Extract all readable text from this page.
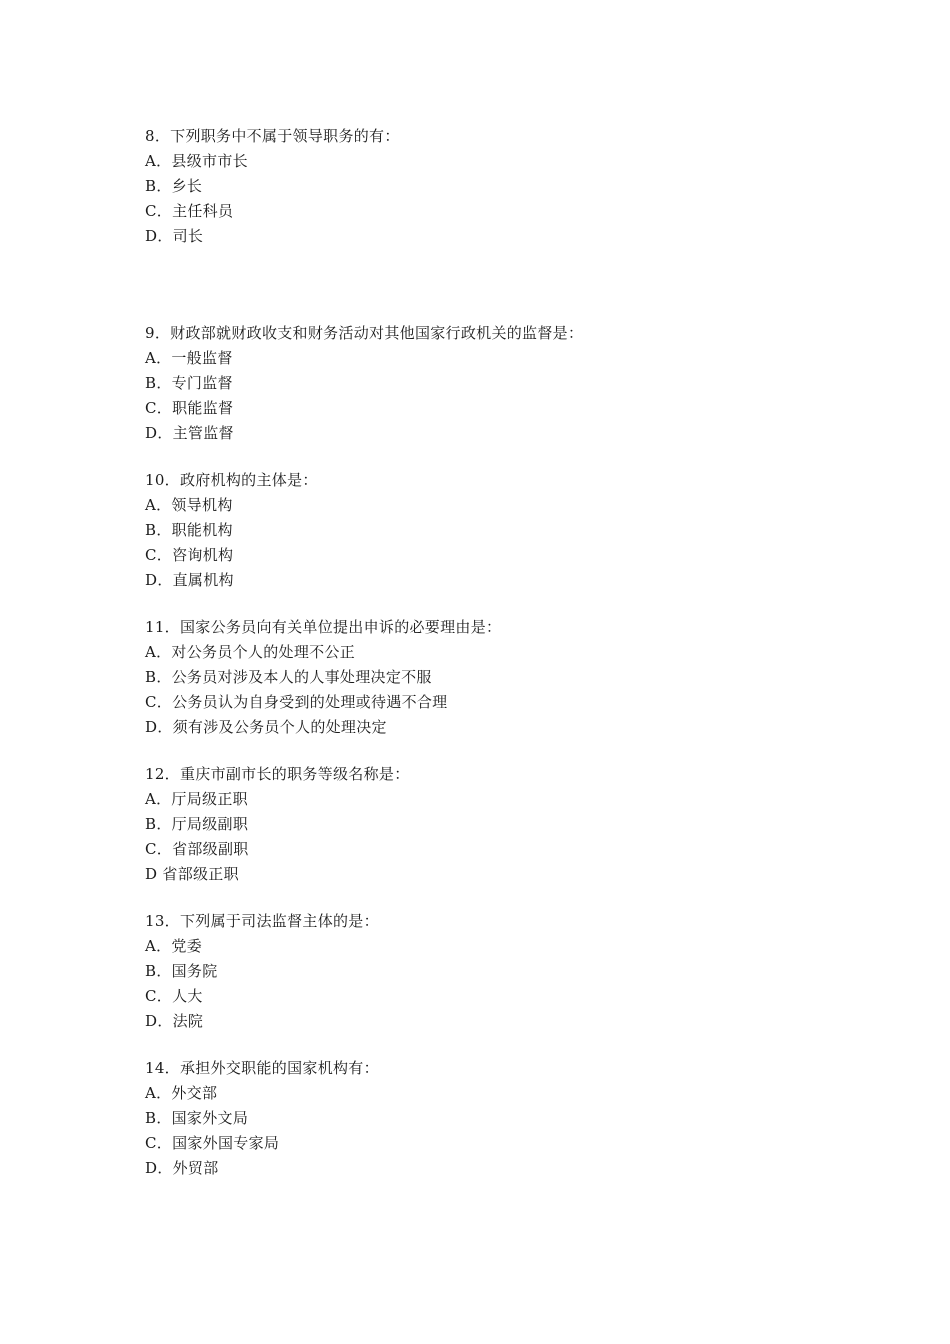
8．下列职务中不属于领导职务的有：
A．县级市市长
B．乡长
C．主任科员
D．司长
9．财政部就财政收支和财务活动对其他国家行政机关的监督是：
A．一般监督
B．专门监督
C．职能监督
D．主管监督
10．政府机构的主体是：
A．领导机构
B．职能机构
C．咨询机构
D．直属机构
11．国家公务员向有关单位提出申诉的必要理由是：
A．对公务员个人的处理不公正
B．公务员对涉及本人的人事处理决定不服
C．公务员认为自身受到的处理或待遇不合理
D．须有涉及公务员个人的处理决定
12．重庆市副市长的职务等级名称是：
A．厅局级正职
B．厅局级副职
C．省部级副职
D 省部级正职
13．下列属于司法监督主体的是：
A．党委
B．国务院
C．人大
D．法院
14．承担外交职能的国家机构有：
A．外交部
B．国家外文局
C．国家外国专家局
D．外贸部
